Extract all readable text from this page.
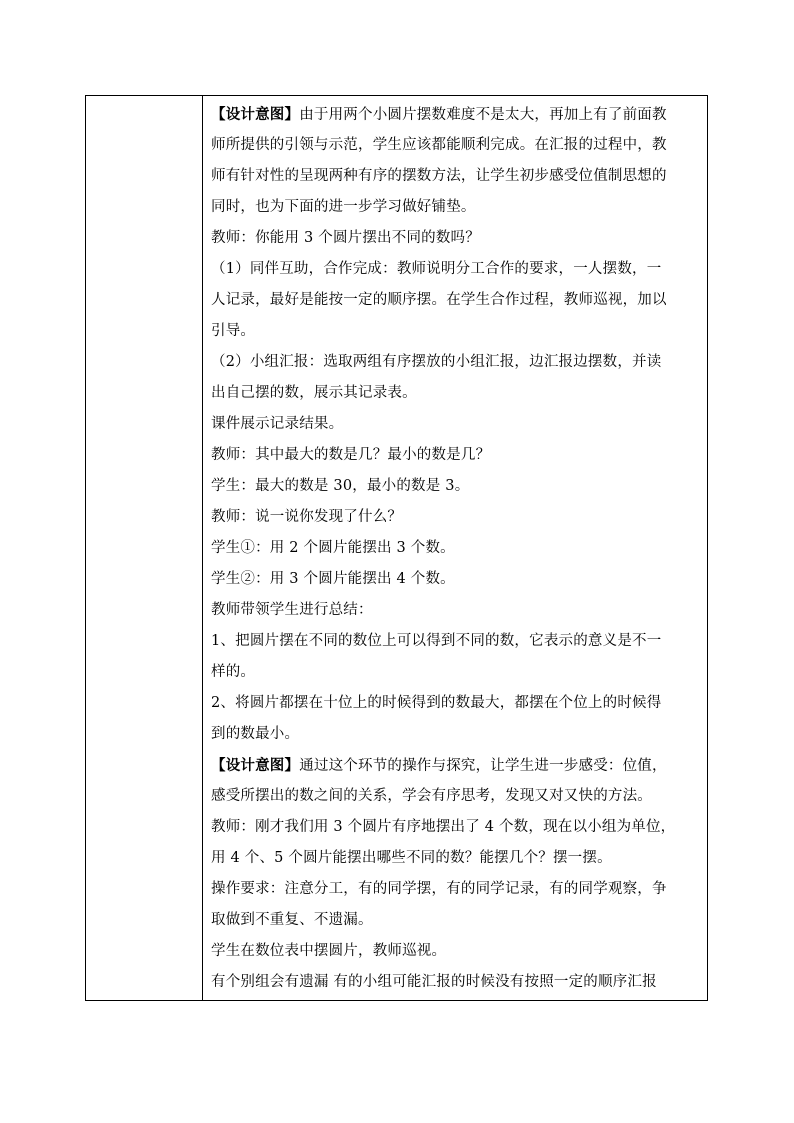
【设计意图】由于用两个小圆片摆数难度不是太大，再加上有了前面教
师所提供的引领与示范，学生应该都能顺利完成。在汇报的过程中，教
师有针对性的呈现两种有序的摆数方法，让学生初步感受位值制思想的
同时，也为下面的进一步学习做好铺垫。
教师：你能用 3 个圆片摆出不同的数吗？
（1）同伴互助，合作完成：教师说明分工合作的要求，一人摆数，一
人记录，最好是能按一定的顺序摆。在学生合作过程，教师巡视，加以
引导。
（2）小组汇报：选取两组有序摆放的小组汇报，边汇报边摆数，并读
出自己摆的数，展示其记录表。
课件展示记录结果。
教师：其中最大的数是几？最小的数是几？
学生：最大的数是 30，最小的数是 3。
教师：说一说你发现了什么？
学生①：用 2 个圆片能摆出 3 个数。
学生②：用 3 个圆片能摆出 4 个数。
教师带领学生进行总结：
1、把圆片摆在不同的数位上可以得到不同的数，它表示的意义是不一
样的。
2、将圆片都摆在十位上的时候得到的数最大，都摆在个位上的时候得
到的数最小。
【设计意图】通过这个环节的操作与探究，让学生进一步感受：位值，
感受所摆出的数之间的关系，学会有序思考，发现又对又快的方法。
教师：刚才我们用 3 个圆片有序地摆出了 4 个数，现在以小组为单位，
用 4 个、5 个圆片能摆出哪些不同的数？能摆几个？摆一摆。
操作要求：注意分工，有的同学摆，有的同学记录，有的同学观察，争
取做到不重复、不遗漏。
学生在数位表中摆圆片，教师巡视。
有个别组会有遗漏 有的小组可能汇报的时候没有按照一定的顺序汇报
